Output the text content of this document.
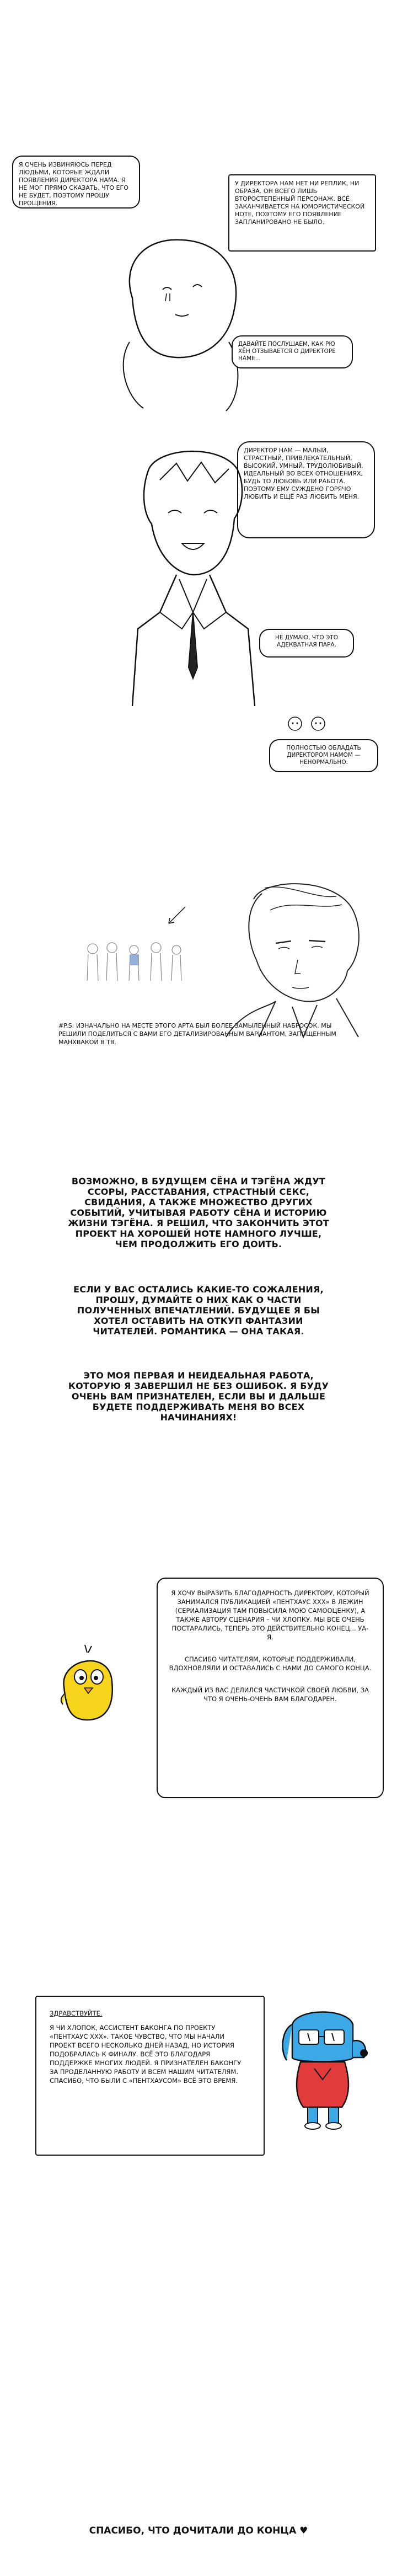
Я ОЧЕНЬ ИЗВИНЯЮСЬ ПЕРЕД ЛЮДЬМИ, КОТОРЫЕ ЖДАЛИ ПОЯВЛЕНИЯ ДИРЕКТОРА НАМА. Я НЕ МОГ ПРЯМО СКАЗАТЬ, ЧТО ЕГО НЕ БУДЕТ, ПОЭТОМУ ПРОШУ ПРОЩЕНИЯ.
У ДИРЕКТОРА НАМ НЕТ НИ РЕПЛИК, НИ ОБРАЗА. ОН ВСЕГО ЛИШЬ ВТОРОСТЕПЕННЫЙ ПЕРСОНАЖ. ВСЁ ЗАКАНЧИВАЕТСЯ НА ЮМОРИСТИЧЕСКОЙ НОТЕ, ПОЭТОМУ ЕГО ПОЯВЛЕНИЕ ЗАПЛАНИРОВАНО НЕ БЫЛО.
ДАВАЙТЕ ПОСЛУШАЕМ, КАК РЮ ХЁН ОТЗЫВАЕТСЯ О ДИРЕКТОРЕ НАМЕ...
ДИРЕКТОР НАМ — МАЛЫЙ, СТРАСТНЫЙ, ПРИВЛЕКАТЕЛЬНЫЙ, ВЫСОКИЙ, УМНЫЙ, ТРУДОЛЮБИВЫЙ, ИДЕАЛЬНЫЙ ВО ВСЕХ ОТНОШЕНИЯХ, БУДЬ ТО ЛЮБОВЬ ИЛИ РАБОТА. ПОЭТОМУ ЕМУ СУЖДЕНО ГОРЯЧО ЛЮБИТЬ И ЕЩЁ РАЗ ЛЮБИТЬ МЕНЯ.
НЕ ДУМАЮ, ЧТО ЭТО АДЕКВАТНАЯ ПАРА.
ПОЛНОСТЬЮ ОБЛАДАТЬ ДИРЕКТОРОМ НАМОМ — НЕНОРМАЛЬНО.
#P.S: ИЗНАЧАЛЬНО НА МЕСТЕ ЭТОГО АРТА БЫЛ БОЛЕЕ ЗАМЫЛЕННЫЙ НАБРОСОК. МЫ РЕШИЛИ ПОДЕЛИТЬСЯ С ВАМИ ЕГО ДЕТАЛИЗИРОВАННЫМ ВАРИАНТОМ, ЗАПОЩЕННЫМ МАНХВАКОЙ В ТВ.
ВОЗМОЖНО, В БУДУЩЕМ СЁНА И ТЭГЁНА ЖДУТ ССОРЫ, РАССТАВАНИЯ, СТРАСТНЫЙ СЕКС, СВИДАНИЯ, А ТАКЖЕ МНОЖЕСТВО ДРУГИХ СОБЫТИЙ, УЧИТЫВАЯ РАБОТУ СЁНА И ИСТОРИЮ ЖИЗНИ ТЭГЁНА. Я РЕШИЛ, ЧТО ЗАКОНЧИТЬ ЭТОТ ПРОЕКТ НА ХОРОШЕЙ НОТЕ НАМНОГО ЛУЧШЕ, ЧЕМ ПРОДОЛЖИТЬ ЕГО ДОИТЬ.
ЕСЛИ У ВАС ОСТАЛИСЬ КАКИЕ-ТО СОЖАЛЕНИЯ, ПРОШУ, ДУМАЙТЕ О НИХ КАК О ЧАСТИ ПОЛУЧЕННЫХ ВПЕЧАТЛЕНИЙ. БУДУЩЕЕ Я БЫ ХОТЕЛ ОСТАВИТЬ НА ОТКУП ФАНТАЗИИ ЧИТАТЕЛЕЙ. РОМАНТИКА — ОНА ТАКАЯ.
ЭТО МОЯ ПЕРВАЯ И НЕИДЕАЛЬНАЯ РАБОТА, КОТОРУЮ Я ЗАВЕРШИЛ НЕ БЕЗ ОШИБОК. Я БУДУ ОЧЕНЬ ВАМ ПРИЗНАТЕЛЕН, ЕСЛИ ВЫ И ДАЛЬШЕ БУДЕТЕ ПОДДЕРЖИВАТЬ МЕНЯ ВО ВСЕХ НАЧИНАНИЯХ!
Я ХОЧУ ВЫРАЗИТЬ БЛАГОДАРНОСТЬ ДИРЕКТОРУ, КОТОРЫЙ ЗАНИМАЛСЯ ПУБЛИКАЦИЕЙ «ПЕНТХАУС XXX» В ЛЕЖИН (СЕРИАЛИЗАЦИЯ ТАМ ПОВЫСИЛА МОЮ САМООЦЕНКУ), А ТАКЖЕ АВТОРУ СЦЕНАРИЯ – ЧИ ХЛОПКУ. МЫ ВСЕ ОЧЕНЬ ПОСТАРАЛИСЬ, ТЕПЕРЬ ЭТО ДЕЙСТВИТЕЛЬНО КОНЕЦ... УА-Я.
СПАСИБО ЧИТАТЕЛЯМ, КОТОРЫЕ ПОДДЕРЖИВАЛИ, ВДОХНОВЛЯЛИ И ОСТАВАЛИСЬ С НАМИ ДО САМОГО КОНЦА.
КАЖДЫЙ ИЗ ВАС ДЕЛИЛСЯ ЧАСТИЧКОЙ СВОЕЙ ЛЮБВИ, ЗА ЧТО Я ОЧЕНЬ-ОЧЕНЬ ВАМ БЛАГОДАРЕН.
ЗДРАВСТВУЙТЕ.
Я ЧИ ХЛОПОК, АССИСТЕНТ БАКОНГА ПО ПРОЕКТУ «ПЕНТХАУС XXX». ТАКОЕ ЧУВСТВО, ЧТО МЫ НАЧАЛИ ПРОЕКТ ВСЕГО НЕСКОЛЬКО ДНЕЙ НАЗАД, НО ИСТОРИЯ ПОДОБРАЛАСЬ К ФИНАЛУ. ВСЁ ЭТО БЛАГОДАРЯ ПОДДЕРЖКЕ МНОГИХ ЛЮДЕЙ. Я ПРИЗНАТЕЛЕН БАКОНГУ ЗА ПРОДЕЛАННУЮ РАБОТУ И ВСЕМ НАШИМ ЧИТАТЕЛЯМ. СПАСИБО, ЧТО БЫЛИ С «ПЕНТХАУСОМ» ВСЁ ЭТО ВРЕМЯ.
СПАСИБО, ЧТО ДОЧИТАЛИ ДО КОНЦА ♥
